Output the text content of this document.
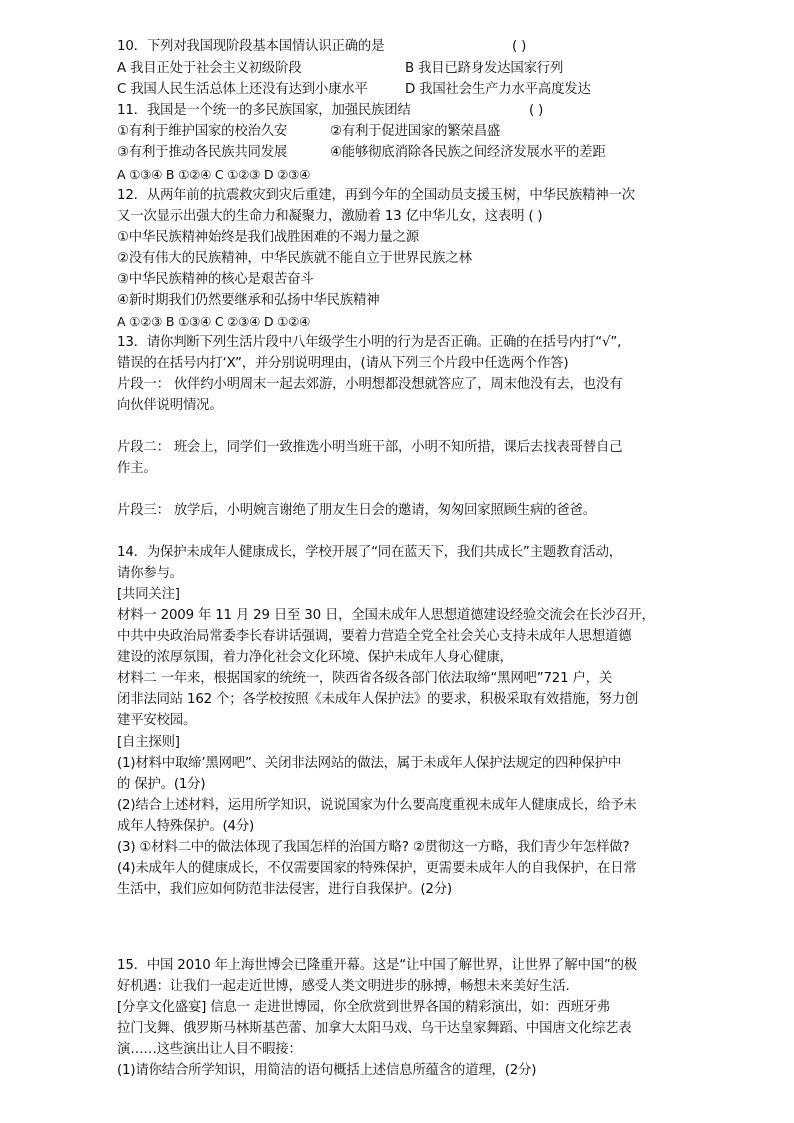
10．下列对我国现阶段基本国情认识正确的是	( )
A 我目正处于社会主义初级阶段	B 我目已跻身发达国家行列
C 我国人民生活总体上还没有达到小康水平	D 我国社会生产力水平高度发达
11．我国是一个统一的多民族国家，加强民族团结	( )
①有利于维护国家的校治久安	②有利于促进国家的繁荣昌盛
③有利于推动各民族共同发展	④能够彻底消除各民族之间经济发展水平的差距
A ①③④ B ①②④ C ①②③ D ②③④
12．从两年前的抗震救灾到灾后重建，再到今年的全国动员支援玉树，中华民族精神一次
又一次显示出强大的生命力和凝聚力，激励着 13 亿中华儿女，这表明 ( )
①中华民族精神始终是我们战胜困难的不竭力量之源
②没有伟大的民族精神，中华民族就不能自立于世界民族之林
③中华民族精神的核心是艰苦奋斗
④新时期我们仍然要继承和弘扬中华民族精神
A ①②③ B ①③④ C ②③④ D ①②④
13．请你判断下列生活片段中八年级学生小明的行为是否正确。正确的在括号内打“√”,
错误的在括号内打‘X”，并分别说明理由，(请从下列三个片段中任选两个作答)
片段一： 伙伴约小明周末一起去郊游，小明想都没想就答应了，周末他没有去，也没有
向伙伴说明情况。
片段二： 班会上，同学们一致推选小明当班干部，小明不知所措，课后去找表哥替自己
作主。
片段三： 放学后，小明婉言谢绝了朋友生日会的邀请，匆匆回家照顾生病的爸爸。
14．为保护未成年人健康成长，学校开展了“同在蓝天下，我们共成长”主题教育活动，
请你参与。
[共同关注]
材料一 2009 年 11 月 29 日至 30 日，全国未成年人思想道德建设经验交流会在长沙召开，
中共中央政治局常委李长春讲话强调，要着力营造全党全社会关心支持未成年人思想道德
建设的浓厚氛围，着力净化社会文化环境、保护未成年人身心健康，
材料二 一年来，根据国家的统统一，陕西省各级各部门依法取缔“黑网吧”721 户，关
闭非法同站 162 个；各学校按照《未成年人保护法》的要求，积极采取有效措施，努力创
建平安校园。
[自主探则]
(1)材料中取缔’黑网吧”、关闭非法网站的做法，属于未成年人保护法规定的四种保护中
的 保护。(1分)
(2)结合上述材料，运用所学知识，说说国家为什么要高度重视未成年人健康成长，给予未
成年人特殊保护。(4分)
(3) ①材料二中的做法体现了我国怎样的治国方略? ②贯彻这一方略，我们青少年怎样做?
(4)未成年人的健康成长，不仅需要国家的特殊保护，更需要未成年人的自我保护，在日常
生活中，我们应如何防范非法侵害，进行自我保护。(2分)
15．中国 2010 年上海世博会已隆重开幕。这是“让中国了解世界，让世界了解中国”的极
好机遇：让我们一起走近世博，感受人类文明进步的脉搏，畅想未来美好生活.
[分享文化盛宴] 信息一 走进世博园，你全欣赏到世界各国的精彩演出，如：西班牙弗
拉门戈舞、俄罗斯马林斯基芭蕾、加拿大太阳马戏、乌干达皇家舞蹈、中国唐文化综艺表
演……这些演出让人目不暇接：
(1)请你结合所学知识，用简洁的语句概括上述信息所蕴含的道理，(2分)
